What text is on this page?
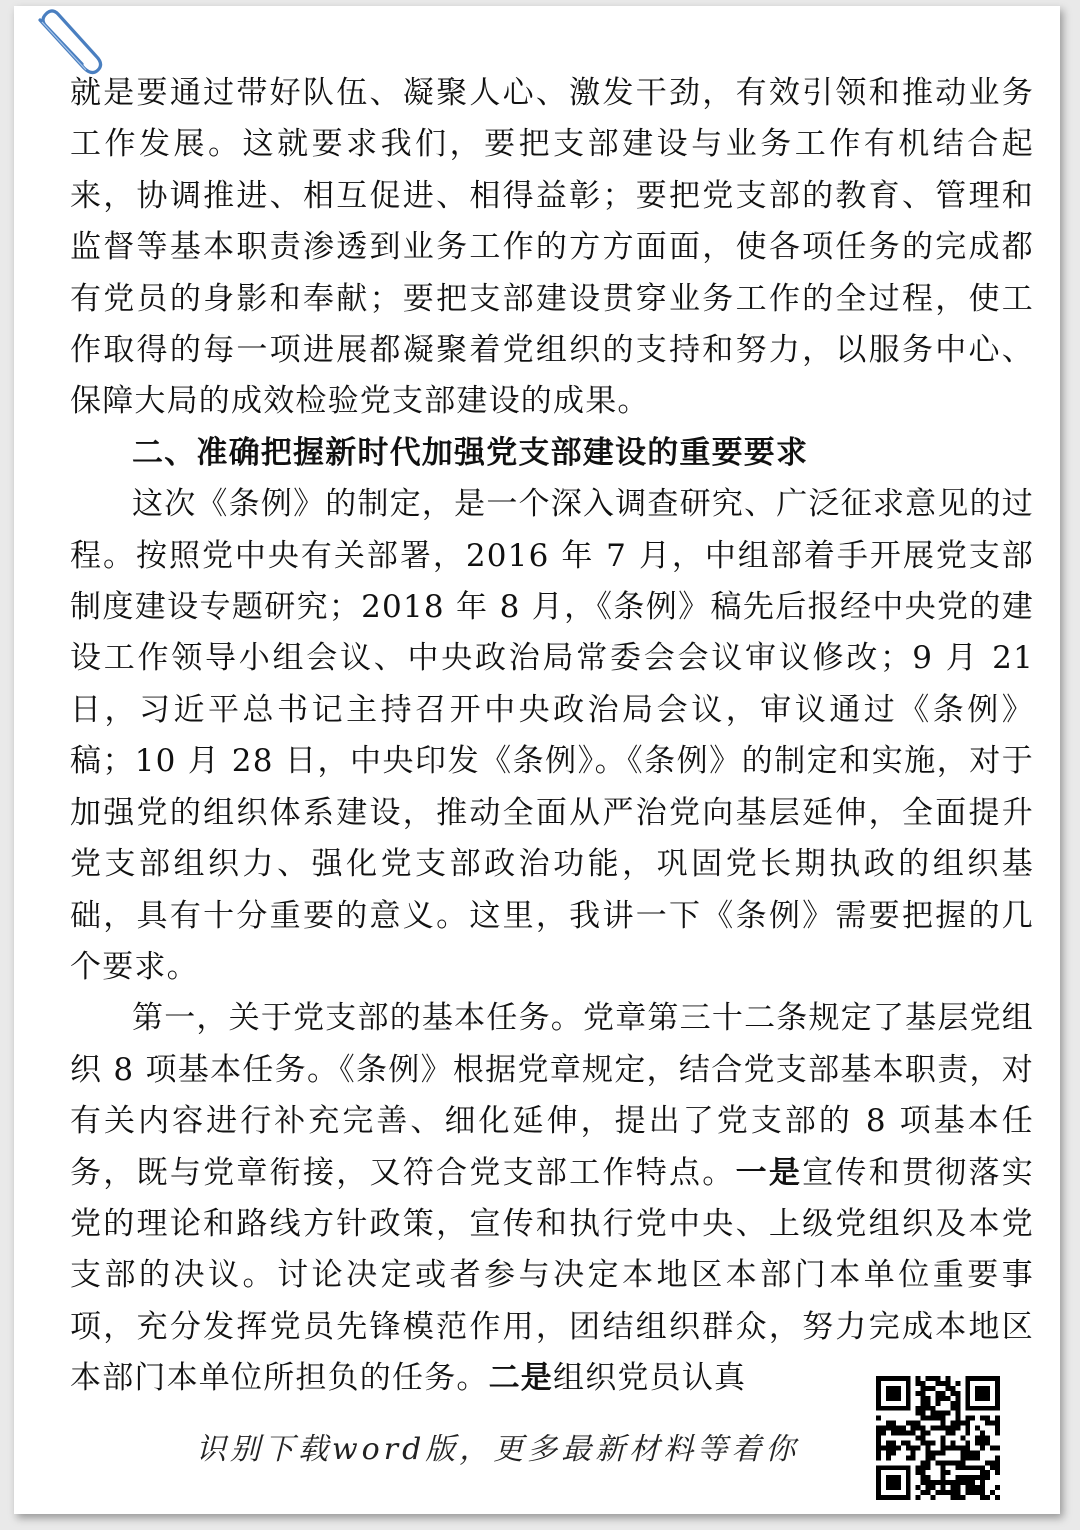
就是要通过带好队伍、凝聚人心、激发干劲，有效引领和推动业务工作发展。这就要求我们，要把支部建设与业务工作有机结合起来，协调推进、相互促进、相得益彰；要把党支部的教育、管理和监督等基本职责渗透到业务工作的方方面面，使各项任务的完成都有党员的身影和奉献；要把支部建设贯穿业务工作的全过程，使工作取得的每一项进展都凝聚着党组织的支持和努力，以服务中心、保障大局的成效检验党支部建设的成果。

二、准确把握新时代加强党支部建设的重要要求

这次《条例》的制定，是一个深入调查研究、广泛征求意见的过程。按照党中央有关部署，2016 年 7 月，中组部着手开展党支部制度建设专题研究；2018 年 8 月，《条例》稿先后报经中央党的建设工作领导小组会议、中央政治局常委会会议审议修改；9 月 21 日，习近平总书记主持召开中央政治局会议，审议通过《条例》稿；10 月 28 日，中央印发《条例》。《条例》的制定和实施，对于加强党的组织体系建设，推动全面从严治党向基层延伸，全面提升党支部组织力、强化党支部政治功能，巩固党长期执政的组织基础，具有十分重要的意义。这里，我讲一下《条例》需要把握的几个要求。

第一，关于党支部的基本任务。党章第三十二条规定了基层党组织 8 项基本任务。《条例》根据党章规定，结合党支部基本职责，对有关内容进行补充完善、细化延伸，提出了党支部的 8 项基本任务，既与党章衔接，又符合党支部工作特点。一是宣传和贯彻落实党的理论和路线方针政策，宣传和执行党中央、上级党组织及本党支部的决议。讨论决定或者参与决定本地区本部门本单位重要事项，充分发挥党员先锋模范作用，团结组织群众，努力完成本地区本部门本单位所担负的任务。二是组织党员认真

识别下载word版，更多最新材料等着你
